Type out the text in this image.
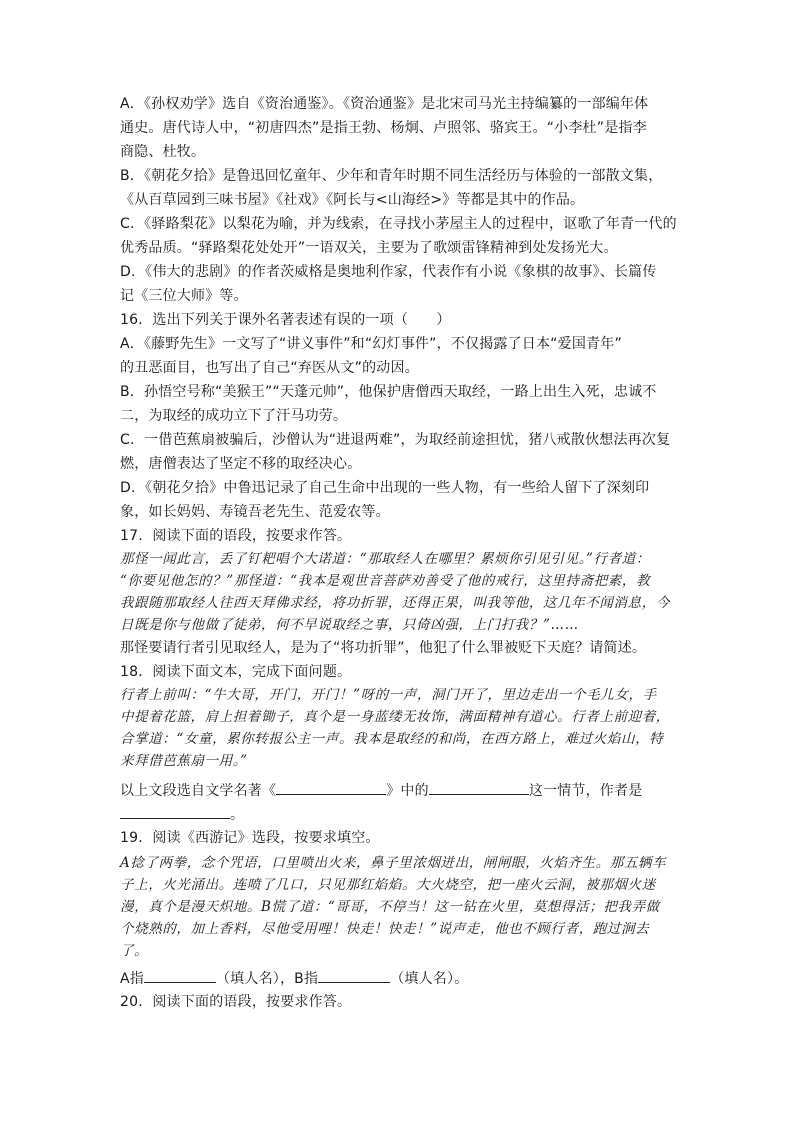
A．《孙权劝学》选自《资治通鉴》。《资治通鉴》是北宋司马光主持编纂的一部编年体
通史。唐代诗人中，“初唐四杰”是指王勃、杨炯、卢照邻、骆宾王。“小李杜”是指李
商隐、杜牧。
B．《朝花夕拾》是鲁迅回忆童年、少年和青年时期不同生活经历与体验的一部散文集，
《从百草园到三味书屋》《社戏》《阿长与<山海经>》等都是其中的作品。
C．《驿路梨花》以梨花为喻，并为线索，在寻找小茅屋主人的过程中，讴歌了年青一代的
优秀品质。“驿路梨花处处开”一语双关，主要为了歌颂雷锋精神到处发扬光大。
D．《伟大的悲剧》的作者茨威格是奥地利作家，代表作有小说《象棋的故事》、长篇传
记《三位大师》等。
16．选出下列关于课外名著表述有误的一项（　　）
A．《藤野先生》一文写了“讲义事件”和“幻灯事件”，不仅揭露了日本“爱国青年”
的丑恶面目，也写出了自己“弃医从文”的动因。
B．孙悟空号称“美猴王”“天蓬元帅”，他保护唐僧西天取经，一路上出生入死，忠诚不
二，为取经的成功立下了汗马功劳。
C．一借芭蕉扇被骗后，沙僧认为“进退两难”，为取经前途担忧，猪八戒散伙想法再次复
燃，唐僧表达了坚定不移的取经决心。
D．《朝花夕拾》中鲁迅记录了自己生命中出现的一些人物，有一些给人留下了深刻印
象，如长妈妈、寿镜吾老先生、范爱农等。
17．阅读下面的语段，按要求作答。
那怪一闻此言，丢了钉耙唱个大诺道：“那取经人在哪里？累烦你引见引见。”行者道：
“你要见他怎的？”那怪道：“我本是观世音菩萨劝善受了他的戒行，这里持斋把素，教
我跟随那取经人往西天拜佛求经，将功折罪，还得正果，叫我等他，这几年不闻消息，今
日既是你与他做了徒弟，何不早说取经之事，只倚凶强，上门打我？”……
那怪要请行者引见取经人，是为了“将功折罪”，他犯了什么罪被贬下天庭？请简述。
18．阅读下面文本，完成下面问题。
行者上前叫：“牛大哥，开门，开门！”呀的一声，洞门开了，里边走出一个毛儿女，手
中提着花篮，肩上担着锄子，真个是一身蓝缕无妆饰，满面精神有道心。行者上前迎着，
合掌道：“女童，累你转报公主一声。我本是取经的和尚，在西方路上，难过火焰山，特
来拜借芭蕉扇一用。”
以上文段选自文学名著《	》中的	这一情节，作者是
。
19．阅读《西游记》选段，按要求填空。
A捻了两拳，念个咒语，口里喷出火来，鼻子里浓烟迸出，闸闸眼，火焰齐生。那五辆车
子上，火光涌出。连喷了几口，只见那红焰焰。大火烧空，把一座火云洞，被那烟火迷
漫，真个是漫天炽地。B慌了道：“哥哥，不停当！这一钻在火里，莫想得活；把我弄做
个烧熟的，加上香料，尽他受用哩！快走！快走！”说声走，他也不顾行者，跑过涧去
了。
A指	（填人名），B指	（填人名）。
20．阅读下面的语段，按要求作答。
